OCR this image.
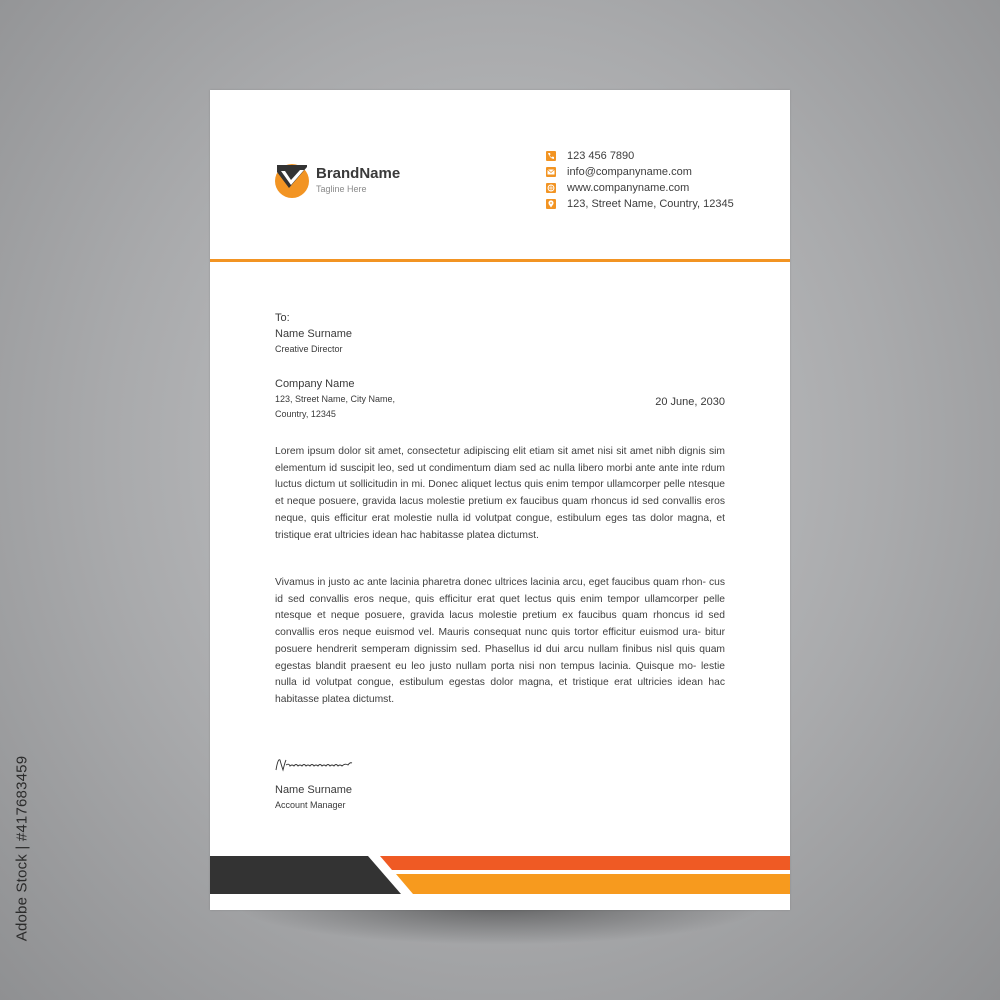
Adobe Stock | #417683459
BrandName
Tagline Here
123 456 7890
info@companyname.com
www.companyname.com
123, Street Name, Country, 12345
To:
Name Surname
Creative Director
Company Name
123, Street Name, City Name,
Country, 12345
20 June, 2030

Lorem ipsum dolor sit amet, consectetur adipiscing elit etiam sit amet nisi sit amet nibh dignis sim elementum id suscipit leo, sed ut condimentum diam sed ac nulla libero morbi ante ante inte rdum luctus dictum ut sollicitudin in mi. Donec aliquet lectus quis enim tempor ullamcorper pelle ntesque et neque posuere, gravida lacus molestie pretium ex faucibus quam rhoncus id sed convallis eros neque, quis efficitur erat molestie nulla id volutpat congue, estibulum eges tas dolor magna, et tristique erat ultricies idean hac habitasse platea dictumst.

Vivamus in justo ac ante lacinia pharetra donec ultrices lacinia arcu, eget faucibus quam rhon- cus id sed convallis eros neque, quis efficitur erat quet lectus quis enim tempor ullamcorper pelle ntesque et neque posuere, gravida lacus molestie pretium ex faucibus quam rhoncus id sed convallis eros neque euismod vel. Mauris consequat nunc quis tortor efficitur euismod ura- bitur posuere hendrerit semperam dignissim sed. Phasellus id dui arcu nullam finibus nisl quis quam egestas blandit praesent eu leo justo nullam porta nisi non tempus lacinia. Quisque mo- lestie nulla id volutpat congue, estibulum egestas dolor magna, et tristique erat ultricies idean hac habitasse platea dictumst.

Name Surname
Account Manager
